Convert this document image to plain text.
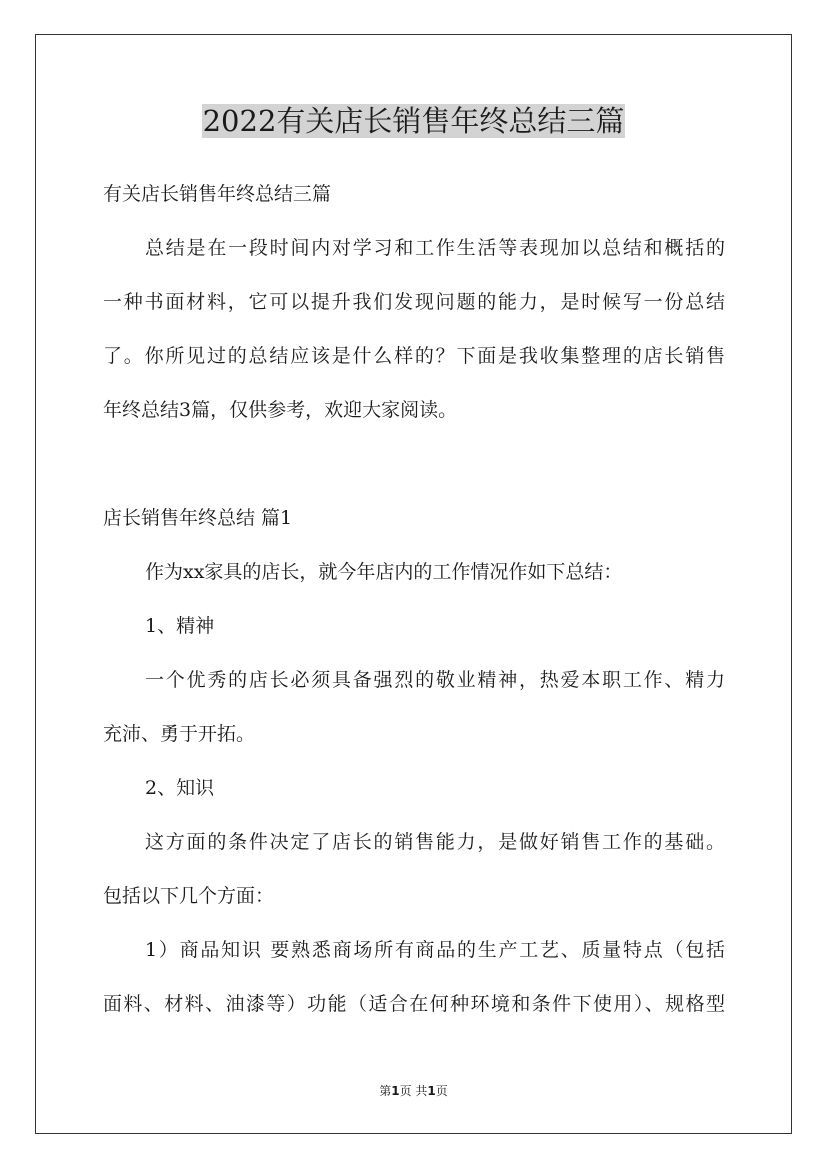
2022有关店长销售年终总结三篇

有关店长销售年终总结三篇

总结是在一段时间内对学习和工作生活等表现加以总结和概括的

一种书面材料，它可以提升我们发现问题的能力，是时候写一份总结

了。你所见过的总结应该是什么样的？下面是我收集整理的店长销售

年终总结3篇，仅供参考，欢迎大家阅读。

店长销售年终总结 篇1

作为xx家具的店长，就今年店内的工作情况作如下总结：

1、精神

一个优秀的店长必须具备强烈的敬业精神，热爱本职工作、精力

充沛、勇于开拓。

2、知识

这方面的条件决定了店长的销售能力，是做好销售工作的基础。

包括以下几个方面：

1）商品知识 要熟悉商场所有商品的生产工艺、质量特点（包括

面料、材料、油漆等）功能（适合在何种环境和条件下使用）、规格型

第1页 共1页
